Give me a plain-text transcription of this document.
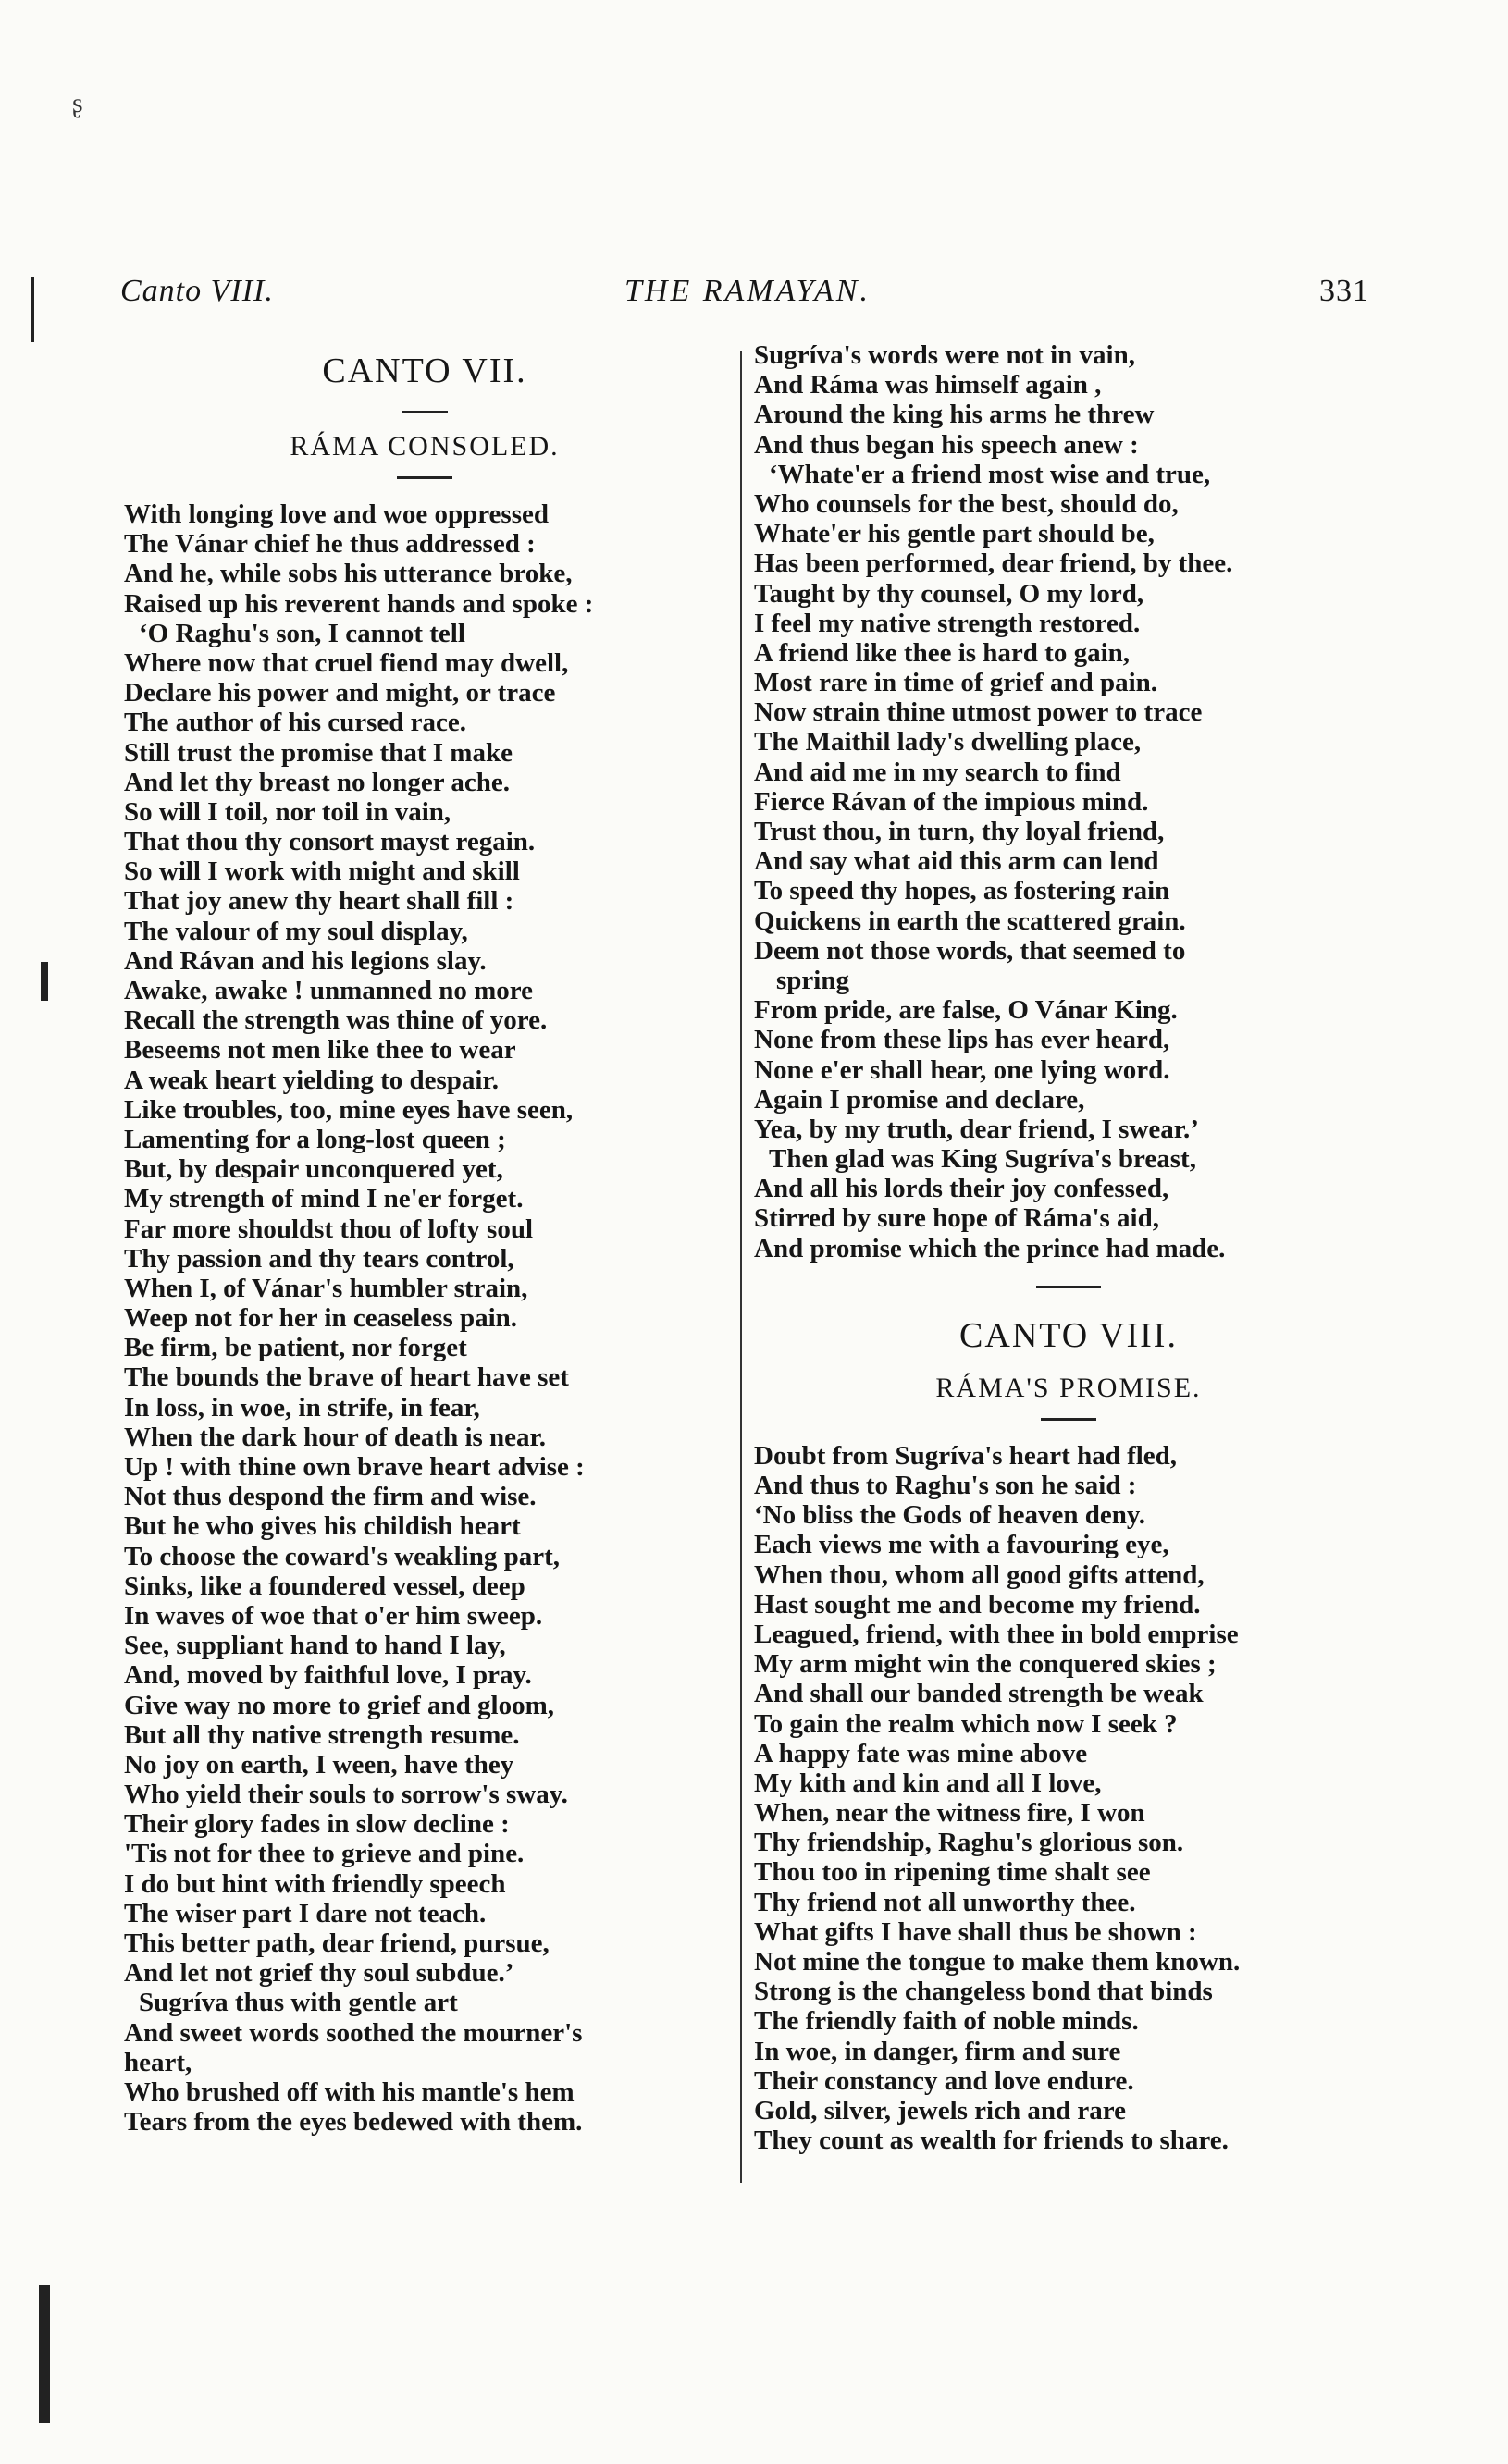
ʂ
Canto VIII.	THE RAMAYAN.	331
CANTO VII.
RÁMA CONSOLED.
With longing love and woe oppressed
The Vánar chief he thus addressed :
And he, while sobs his utterance broke,
Raised up his reverent hands and spoke :
‘O Raghu's son, I cannot tell
Where now that cruel fiend may dwell,
Declare his power and might, or trace
The author of his cursed race.
Still trust the promise that I make
And let thy breast no longer ache.
So will I toil, nor toil in vain,
That thou thy consort mayst regain.
So will I work with might and skill
That joy anew thy heart shall fill :
The valour of my soul display,
And Rávan and his legions slay.
Awake, awake ! unmanned no more
Recall the strength was thine of yore.
Beseems not men like thee to wear
A weak heart yielding to despair.
Like troubles, too, mine eyes have seen,
Lamenting for a long-lost queen ;
But, by despair unconquered yet,
My strength of mind I ne'er forget.
Far more shouldst thou of lofty soul
Thy passion and thy tears control,
When I, of Vánar's humbler strain,
Weep not for her in ceaseless pain.
Be firm, be patient, nor forget
The bounds the brave of heart have set
In loss, in woe, in strife, in fear,
When the dark hour of death is near.
Up ! with thine own brave heart advise :
Not thus despond the firm and wise.
But he who gives his childish heart
To choose the coward's weakling part,
Sinks, like a foundered vessel, deep
In waves of woe that o'er him sweep.
See, suppliant hand to hand I lay,
And, moved by faithful love, I pray.
Give way no more to grief and gloom,
But all thy native strength resume.
No joy on earth, I ween, have they
Who yield their souls to sorrow's sway.
Their glory fades in slow decline :
'Tis not for thee to grieve and pine.
I do but hint with friendly speech
The wiser part I dare not teach.
This better path, dear friend, pursue,
And let not grief thy soul subdue.’
Sugríva thus with gentle art
And sweet words soothed the mourner's
heart,
Who brushed off with his mantle's hem
Tears from the eyes bedewed with them.
Sugríva's words were not in vain,
And Ráma was himself again ,
Around the king his arms he threw
And thus began his speech anew :
‘Whate'er a friend most wise and true,
Who counsels for the best, should do,
Whate'er his gentle part should be,
Has been performed, dear friend, by thee.
Taught by thy counsel, O my lord,
I feel my native strength restored.
A friend like thee is hard to gain,
Most rare in time of grief and pain.
Now strain thine utmost power to trace
The Maithil lady's dwelling place,
And aid me in my search to find
Fierce Rávan of the impious mind.
Trust thou, in turn, thy loyal friend,
And say what aid this arm can lend
To speed thy hopes, as fostering rain
Quickens in earth the scattered grain.
Deem not those words, that seemed to
spring
From pride, are false, O Vánar King.
None from these lips has ever heard,
None e'er shall hear, one lying word.
Again I promise and declare,
Yea, by my truth, dear friend, I swear.’
Then glad was King Sugríva's breast,
And all his lords their joy confessed,
Stirred by sure hope of Ráma's aid,
And promise which the prince had made.
CANTO VIII.
RÁMA'S PROMISE.
Doubt from Sugríva's heart had fled,
And thus to Raghu's son he said :
‘No bliss the Gods of heaven deny.
Each views me with a favouring eye,
When thou, whom all good gifts attend,
Hast sought me and become my friend.
Leagued, friend, with thee in bold emprise
My arm might win the conquered skies ;
And shall our banded strength be weak
To gain the realm which now I seek ?
A happy fate was mine above
My kith and kin and all I love,
When, near the witness fire, I won
Thy friendship, Raghu's glorious son.
Thou too in ripening time shalt see
Thy friend not all unworthy thee.
What gifts I have shall thus be shown :
Not mine the tongue to make them known.
Strong is the changeless bond that binds
The friendly faith of noble minds.
In woe, in danger, firm and sure
Their constancy and love endure.
Gold, silver, jewels rich and rare
They count as wealth for friends to share.
